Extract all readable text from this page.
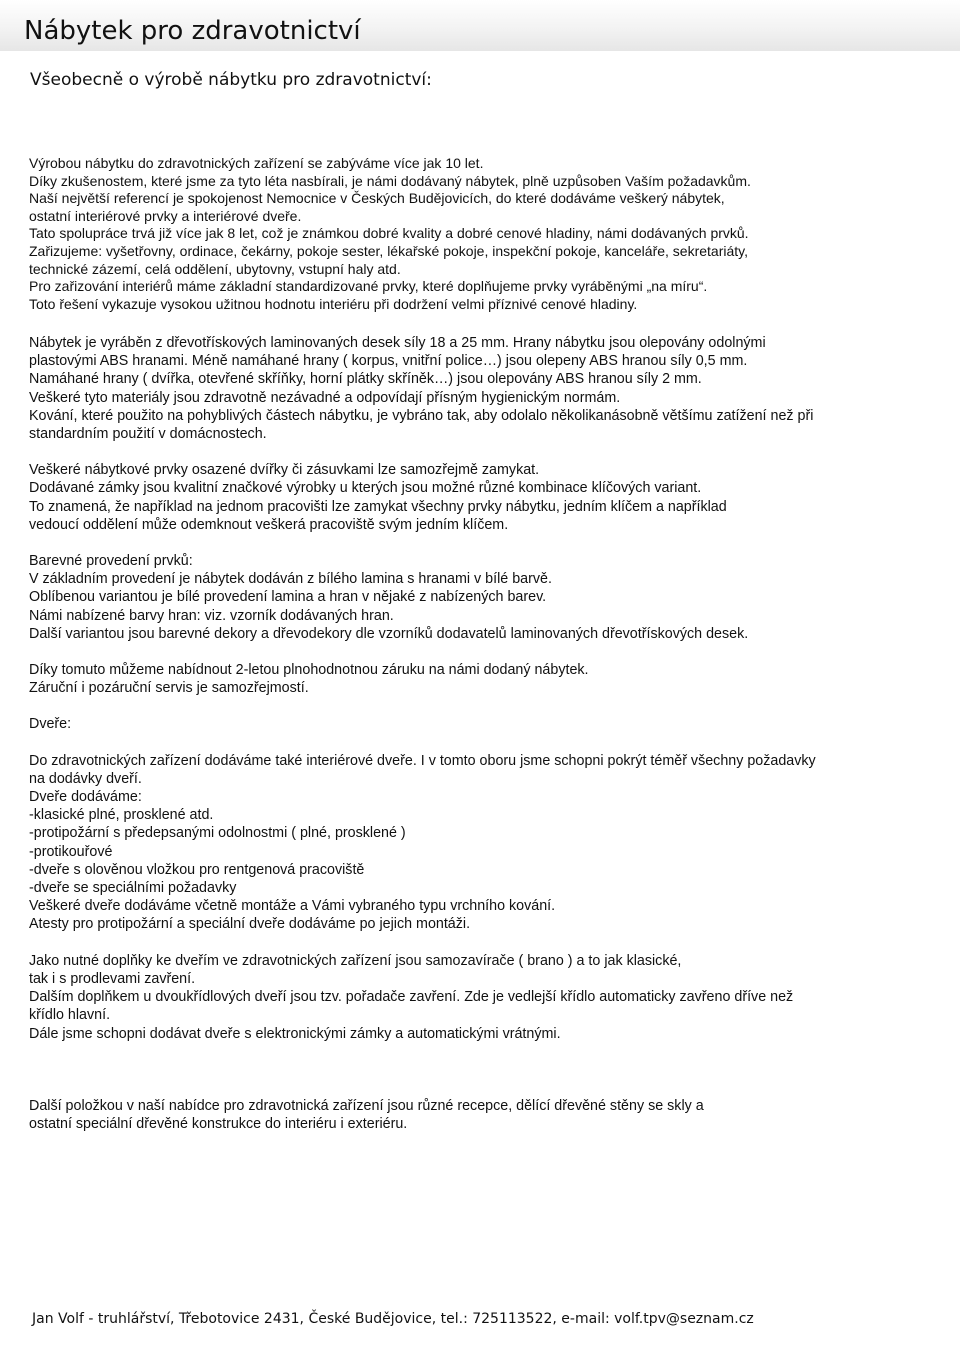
Nábytek pro zdravotnictví
Všeobecně o výrobě nábytku pro zdravotnictví:
Výrobou nábytku do zdravotnických zařízení se zabýváme více jak 10 let.
Díky zkušenostem, které jsme za tyto léta nasbírali, je námi dodávaný nábytek, plně uzpůsoben Vaším požadavkům.
Naší největší referencí je spokojenost Nemocnice v Českých Budějovicích, do které dodáváme veškerý nábytek,
ostatní interiérové prvky a interiérové dveře.
Tato spolupráce trvá již více jak 8 let, což je známkou dobré kvality a dobré cenové hladiny, námi dodávaných prvků.
Zařizujeme: vyšetřovny, ordinace, čekárny, pokoje sester, lékařské pokoje, inspekční pokoje, kanceláře, sekretariáty,
technické zázemí, celá oddělení, ubytovny, vstupní haly atd.
Pro zařizování interiérů máme základní standardizované prvky, které doplňujeme prvky vyráběnými „na míru“.
Toto řešení vykazuje vysokou užitnou hodnotu interiéru při dodržení velmi příznivé cenové hladiny.
Nábytek je vyráběn z dřevotřískových laminovaných desek síly 18 a 25 mm. Hrany nábytku jsou olepovány odolnými
plastovými ABS hranami. Méně namáhané hrany ( korpus, vnitřní police…) jsou olepeny ABS hranou síly 0,5 mm.
Namáhané hrany ( dvířka, otevřené skříňky, horní plátky skříněk…) jsou olepovány ABS hranou síly 2 mm.
Veškeré tyto materiály jsou zdravotně nezávadné a odpovídají přísným hygienickým normám.
Kování, které použito na pohyblivých částech nábytku, je vybráno tak, aby odolalo několikanásobně většímu zatížení než při
standardním použití v domácnostech.
Veškeré nábytkové prvky osazené dvířky či zásuvkami lze samozřejmě zamykat.
Dodávané zámky jsou kvalitní značkové výrobky u kterých jsou možné různé kombinace klíčových variant.
To znamená, že například na jednom pracovišti lze zamykat všechny prvky nábytku, jedním klíčem a například
vedoucí oddělení může odemknout veškerá pracoviště svým jedním klíčem.
Barevné provedení prvků:
V základním provedení je nábytek dodáván z bílého lamina s hranami v bílé barvě.
Oblíbenou variantou je bílé provedení lamina a hran v nějaké z nabízených barev.
Námi nabízené barvy hran: viz. vzorník dodávaných hran.
Další variantou jsou barevné dekory a dřevodekory dle vzorníků dodavatelů laminovaných dřevotřískových desek.
Díky tomuto můžeme nabídnout 2-letou plnohodnotnou záruku na námi dodaný nábytek.
Záruční i pozáruční servis je samozřejmostí.
Dveře:
Do zdravotnických zařízení dodáváme také interiérové dveře. I v tomto oboru jsme schopni pokrýt téměř všechny požadavky
na dodávky dveří.
Dveře dodáváme:
-klasické plné, prosklené atd.
-protipožární s předepsanými odolnostmi ( plné, prosklené )
-protikouřové
-dveře s olověnou vložkou pro rentgenová pracoviště
-dveře se speciálními požadavky
Veškeré dveře dodáváme včetně montáže a Vámi vybraného typu vrchního kování.
Atesty pro protipožární a speciální dveře dodáváme po jejich montáži.
Jako nutné doplňky ke dveřím ve zdravotnických zařízení jsou samozavírače ( brano ) a to jak klasické,
tak i s prodlevami zavření.
Dalším doplňkem u dvoukřídlových dveří jsou tzv. pořadače zavření. Zde je vedlejší křídlo automaticky zavřeno dříve než
křídlo hlavní.
Dále jsme schopni dodávat dveře s elektronickými zámky a automatickými vrátnými.
Další položkou v naší nabídce pro zdravotnická zařízení jsou různé recepce, dělící dřevěné stěny se skly a
ostatní speciální dřevěné konstrukce do interiéru i exteriéru.
Jan Volf - truhlářství, Třebotovice 2431, České Budějovice, tel.: 725113522, e-mail: volf.tpv@seznam.cz
